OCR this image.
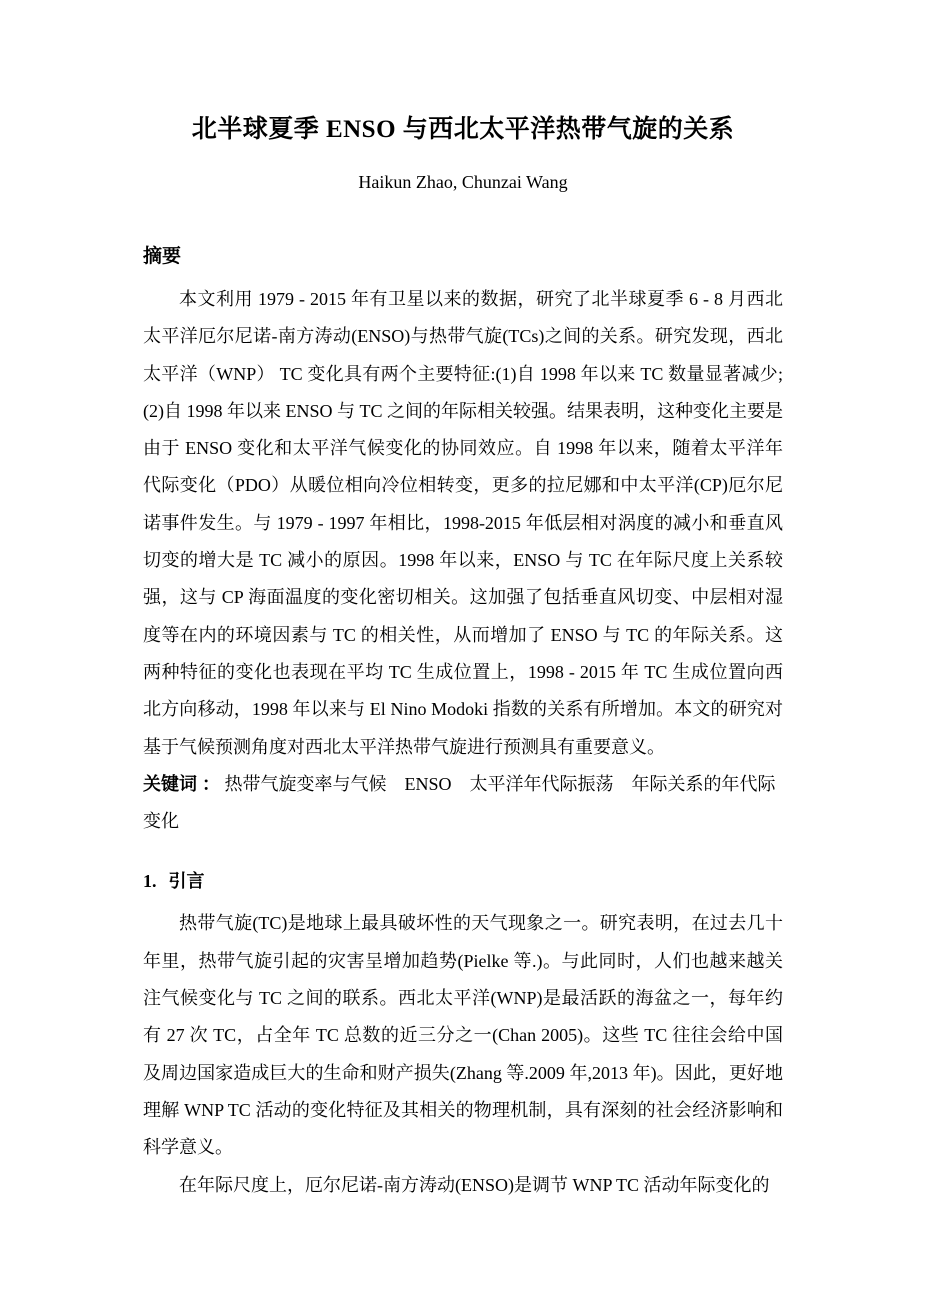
北半球夏季 ENSO 与西北太平洋热带气旋的关系
Haikun Zhao, Chunzai Wang
摘要

本文利用 1979 - 2015 年有卫星以来的数据，研究了北半球夏季 6 - 8 月西北太平洋厄尔尼诺-南方涛动(ENSO)与热带气旋(TCs)之间的关系。研究发现，西北太平洋（WNP） TC 变化具有两个主要特征:(1)自 1998 年以来 TC 数量显著减少;(2)自 1998 年以来 ENSO 与 TC 之间的年际相关较强。结果表明，这种变化主要是由于 ENSO 变化和太平洋气候变化的协同效应。自 1998 年以来，随着太平洋年代际变化（PDO）从暖位相向冷位相转变，更多的拉尼娜和中太平洋(CP)厄尔尼诺事件发生。与 1979 - 1997 年相比，1998-2015 年低层相对涡度的减小和垂直风切变的增大是 TC 减小的原因。1998 年以来，ENSO 与 TC 在年际尺度上关系较强，这与 CP 海面温度的变化密切相关。这加强了包括垂直风切变、中层相对湿度等在内的环境因素与 TC 的相关性，从而增加了 ENSO 与 TC 的年际关系。这两种特征的变化也表现在平均 TC 生成位置上，1998 - 2015 年 TC 生成位置向西北方向移动，1998 年以来与 El Nino Modoki 指数的关系有所增加。本文的研究对基于气候预测角度对西北太平洋热带气旋进行预测具有重要意义。

关键词 ： 热带气旋变率与气候　ENSO　太平洋年代际振荡　年际关系的年代际变化

1. 引言

热带气旋(TC)是地球上最具破坏性的天气现象之一。研究表明，在过去几十年里，热带气旋引起的灾害呈增加趋势(Pielke 等.)。与此同时，人们也越来越关注气候变化与 TC 之间的联系。西北太平洋(WNP)是最活跃的海盆之一，每年约有 27 次 TC，占全年 TC 总数的近三分之一(Chan 2005)。这些 TC 往往会给中国及周边国家造成巨大的生命和财产损失(Zhang 等.2009 年,2013 年)。因此，更好地理解 WNP TC 活动的变化特征及其相关的物理机制，具有深刻的社会经济影响和科学意义。

在年际尺度上，厄尔尼诺-南方涛动(ENSO)是调节 WNP TC 活动年际变化的
